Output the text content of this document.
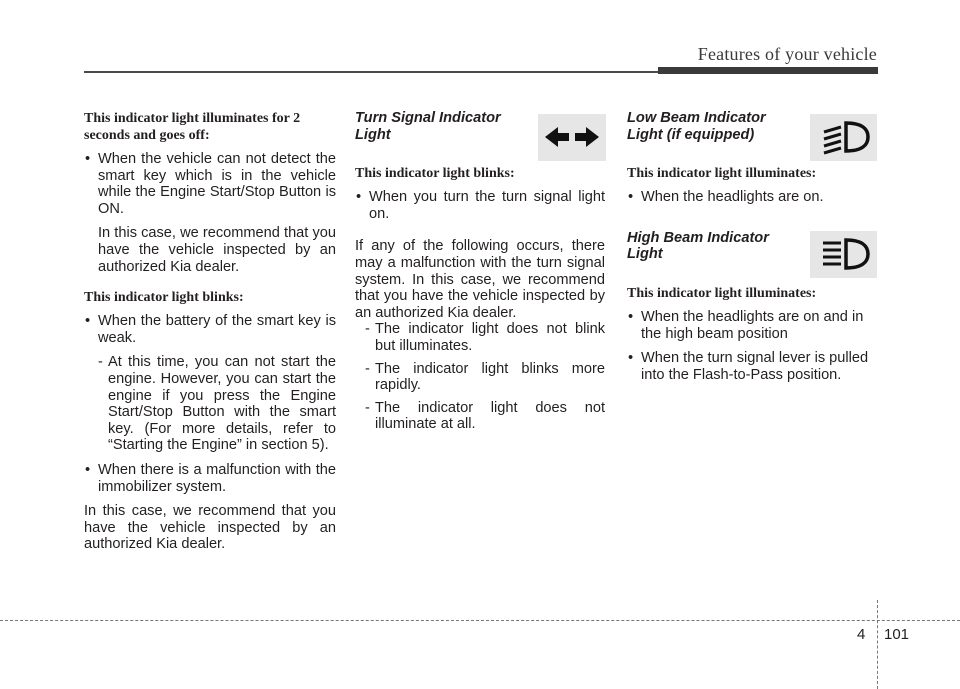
Features of your vehicle
This indicator light illuminates for 2 seconds and goes off:
• When the vehicle can not detect the smart key which is in the vehicle while the Engine Start/Stop Button is ON.
In this case, we recommend that you have the vehicle inspected by an authorized Kia dealer.
This indicator light blinks:
• When the battery of the smart key is weak.
- At this time, you can not start the engine. However, you can start the engine if you press the Engine Start/Stop Button with the smart key. (For more details, refer to “Starting the Engine” in section 5).
• When there is a malfunction with the immobilizer system.
In this case, we recommend that you have the vehicle inspected by an authorized Kia dealer.
Turn Signal Indicator
Light
This indicator light blinks:
• When you turn the turn signal light on.
If any of the following occurs, there may a malfunction with the turn signal system. In this case, we recommend that you have the vehicle inspected by an authorized Kia dealer.
- The indicator light does not blink but illuminates.
- The indicator light blinks more rapidly.
- The indicator light does not illuminate at all.
Low Beam Indicator
Light (if equipped)
This indicator light illuminates:
• When the headlights are on.
High Beam Indicator
Light
This indicator light illuminates:
• When the headlights are on and in the high beam position
• When the turn signal lever is pulled into the Flash-to-Pass position.
4 101
